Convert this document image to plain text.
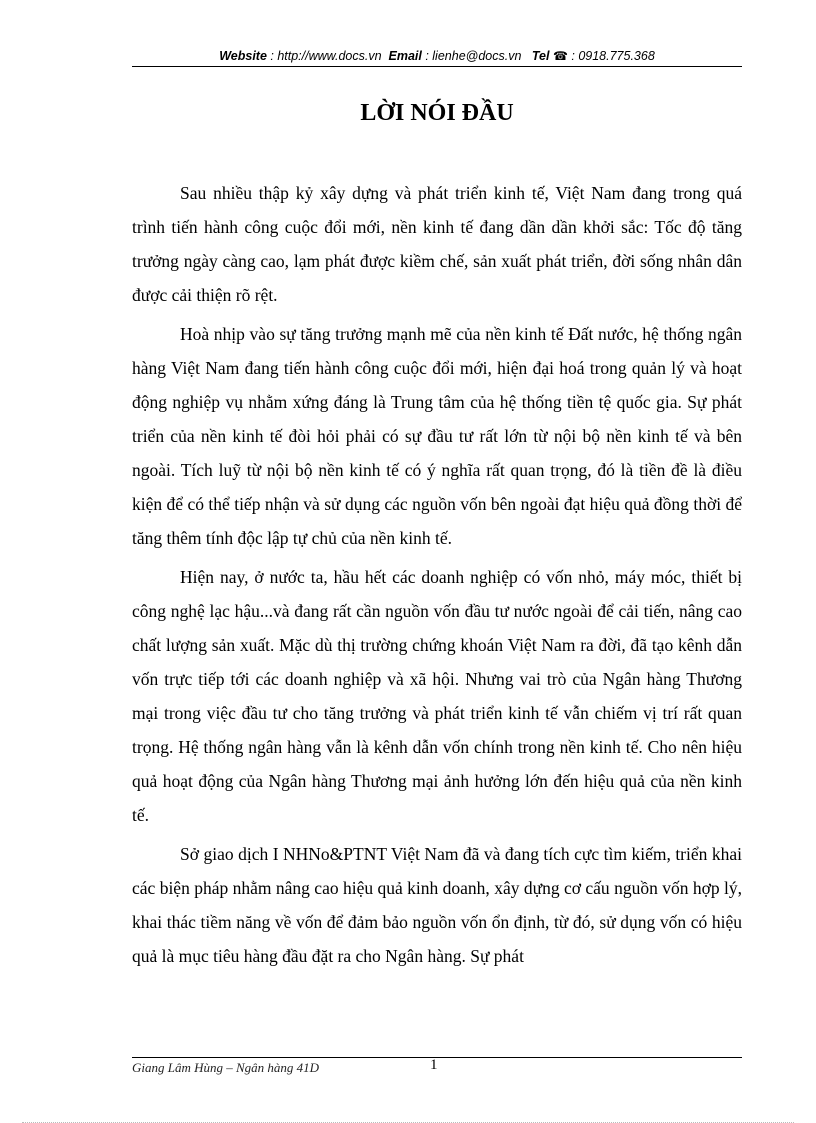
Website : http://www.docs.vn Email : lienhe@docs.vn Tel ☎ : 0918.775.368
LỜI NÓI ĐẦU

Sau nhiều thập kỷ xây dựng và phát triển kinh tế, Việt Nam đang trong quá trình tiến hành công cuộc đổi mới, nền kinh tế đang dần dần khởi sắc: Tốc độ tăng trưởng ngày càng cao, lạm phát được kiềm chế, sản xuất phát triển, đời sống nhân dân được cải thiện rõ rệt.

Hoà nhịp vào sự tăng trưởng mạnh mẽ của nền kinh tế Đất nước, hệ thống ngân hàng Việt Nam đang tiến hành công cuộc đổi mới, hiện đại hoá trong quản lý và hoạt động nghiệp vụ nhằm xứng đáng là Trung tâm của hệ thống tiền tệ quốc gia. Sự phát triển của nền kinh tế đòi hỏi phải có sự đầu tư rất lớn từ nội bộ nền kinh tế và bên ngoài. Tích luỹ từ nội bộ nền kinh tế có ý nghĩa rất quan trọng, đó là tiền đề là điều kiện để có thể tiếp nhận và sử dụng các nguồn vốn bên ngoài đạt hiệu quả đồng thời để tăng thêm tính độc lập tự chủ của nền kinh tế.

Hiện nay, ở nước ta, hầu hết các doanh nghiệp có vốn nhỏ, máy móc, thiết bị công nghệ lạc hậu...và đang rất cần nguồn vốn đầu tư nước ngoài để cải tiến, nâng cao chất lượng sản xuất. Mặc dù thị trường chứng khoán Việt Nam ra đời, đã tạo kênh dẫn vốn trực tiếp tới các doanh nghiệp và xã hội. Nhưng vai trò của Ngân hàng Thương mại trong việc đầu tư cho tăng trưởng và phát triển kinh tế vẫn chiếm vị trí rất quan trọng. Hệ thống ngân hàng vẫn là kênh dẫn vốn chính trong nền kinh tế. Cho nên hiệu quả hoạt động của Ngân hàng Thương mại ảnh hưởng lớn đến hiệu quả của nền kinh tế.

Sở giao dịch I NHNo&PTNT Việt Nam đã và đang tích cực tìm kiếm, triển khai các biện pháp nhằm nâng cao hiệu quả kinh doanh, xây dựng cơ cấu nguồn vốn hợp lý, khai thác tiềm năng về vốn để đảm bảo nguồn vốn ổn định, từ đó, sử dụng vốn có hiệu quả là mục tiêu hàng đầu đặt ra cho Ngân hàng. Sự phát

Giang Lâm Hùng – Ngân hàng 41D	1
